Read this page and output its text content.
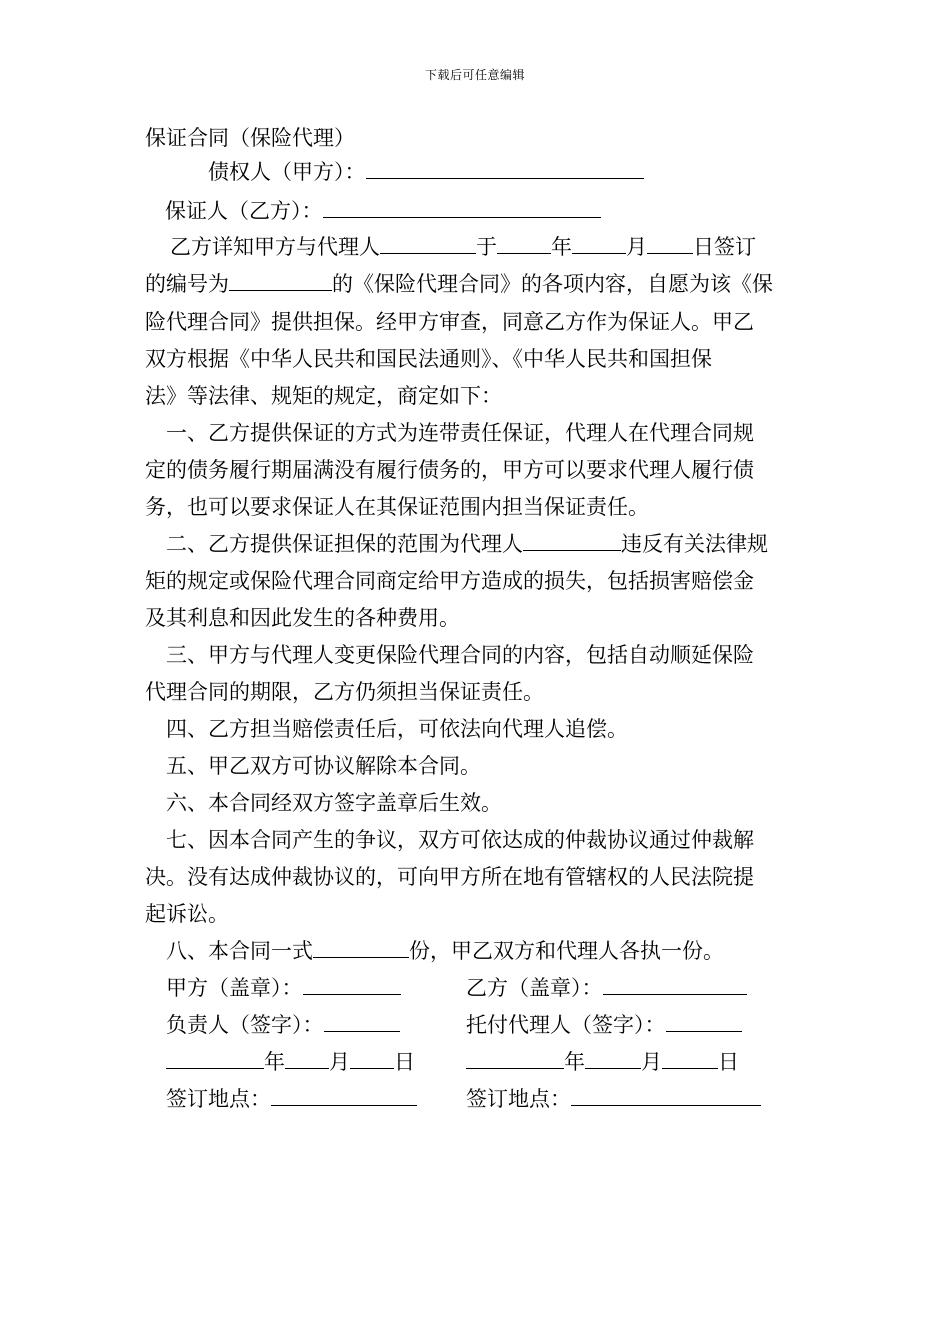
下载后可任意编辑
保证合同（保险代理）
债权人（甲方）：
保证人（乙方）：
乙方详知甲方与代理人	于	年	月 日签订
的编号为	的《保险代理合同》的各项内容，自愿为该《保
险代理合同》提供担保。经甲方审查，同意乙方作为保证人。甲乙
双方根据《中华人民共和国民法通则》、《中华人民共和国担保
法》等法律、规矩的规定，商定如下：
一、乙方提供保证的方式为连带责任保证，代理人在代理合同规
定的债务履行期届满没有履行债务的，甲方可以要求代理人履行债
务，也可以要求保证人在其保证范围内担当保证责任。
二、乙方提供保证担保的范围为代理人	违反有关法律规
矩的规定或保险代理合同商定给甲方造成的损失，包括损害赔偿金
及其利息和因此发生的各种费用。
三、甲方与代理人变更保险代理合同的内容，包括自动顺延保险
代理合同的期限，乙方仍须担当保证责任。
四、乙方担当赔偿责任后，可依法向代理人追偿。
五、甲乙双方可协议解除本合同。
六、本合同经双方签字盖章后生效。
七、因本合同产生的争议，双方可依达成的仲裁协议通过仲裁解
决。没有达成仲裁协议的，可向甲方所在地有管辖权的人民法院提
起诉讼。
八、本合同一式	份，甲乙双方和代理人各执一份。
甲方（盖章）：	乙方（盖章）：
负责人（签字）：	托付代理人（签字）：
年 月 日	年	月	日
签订地点：	签订地点：
